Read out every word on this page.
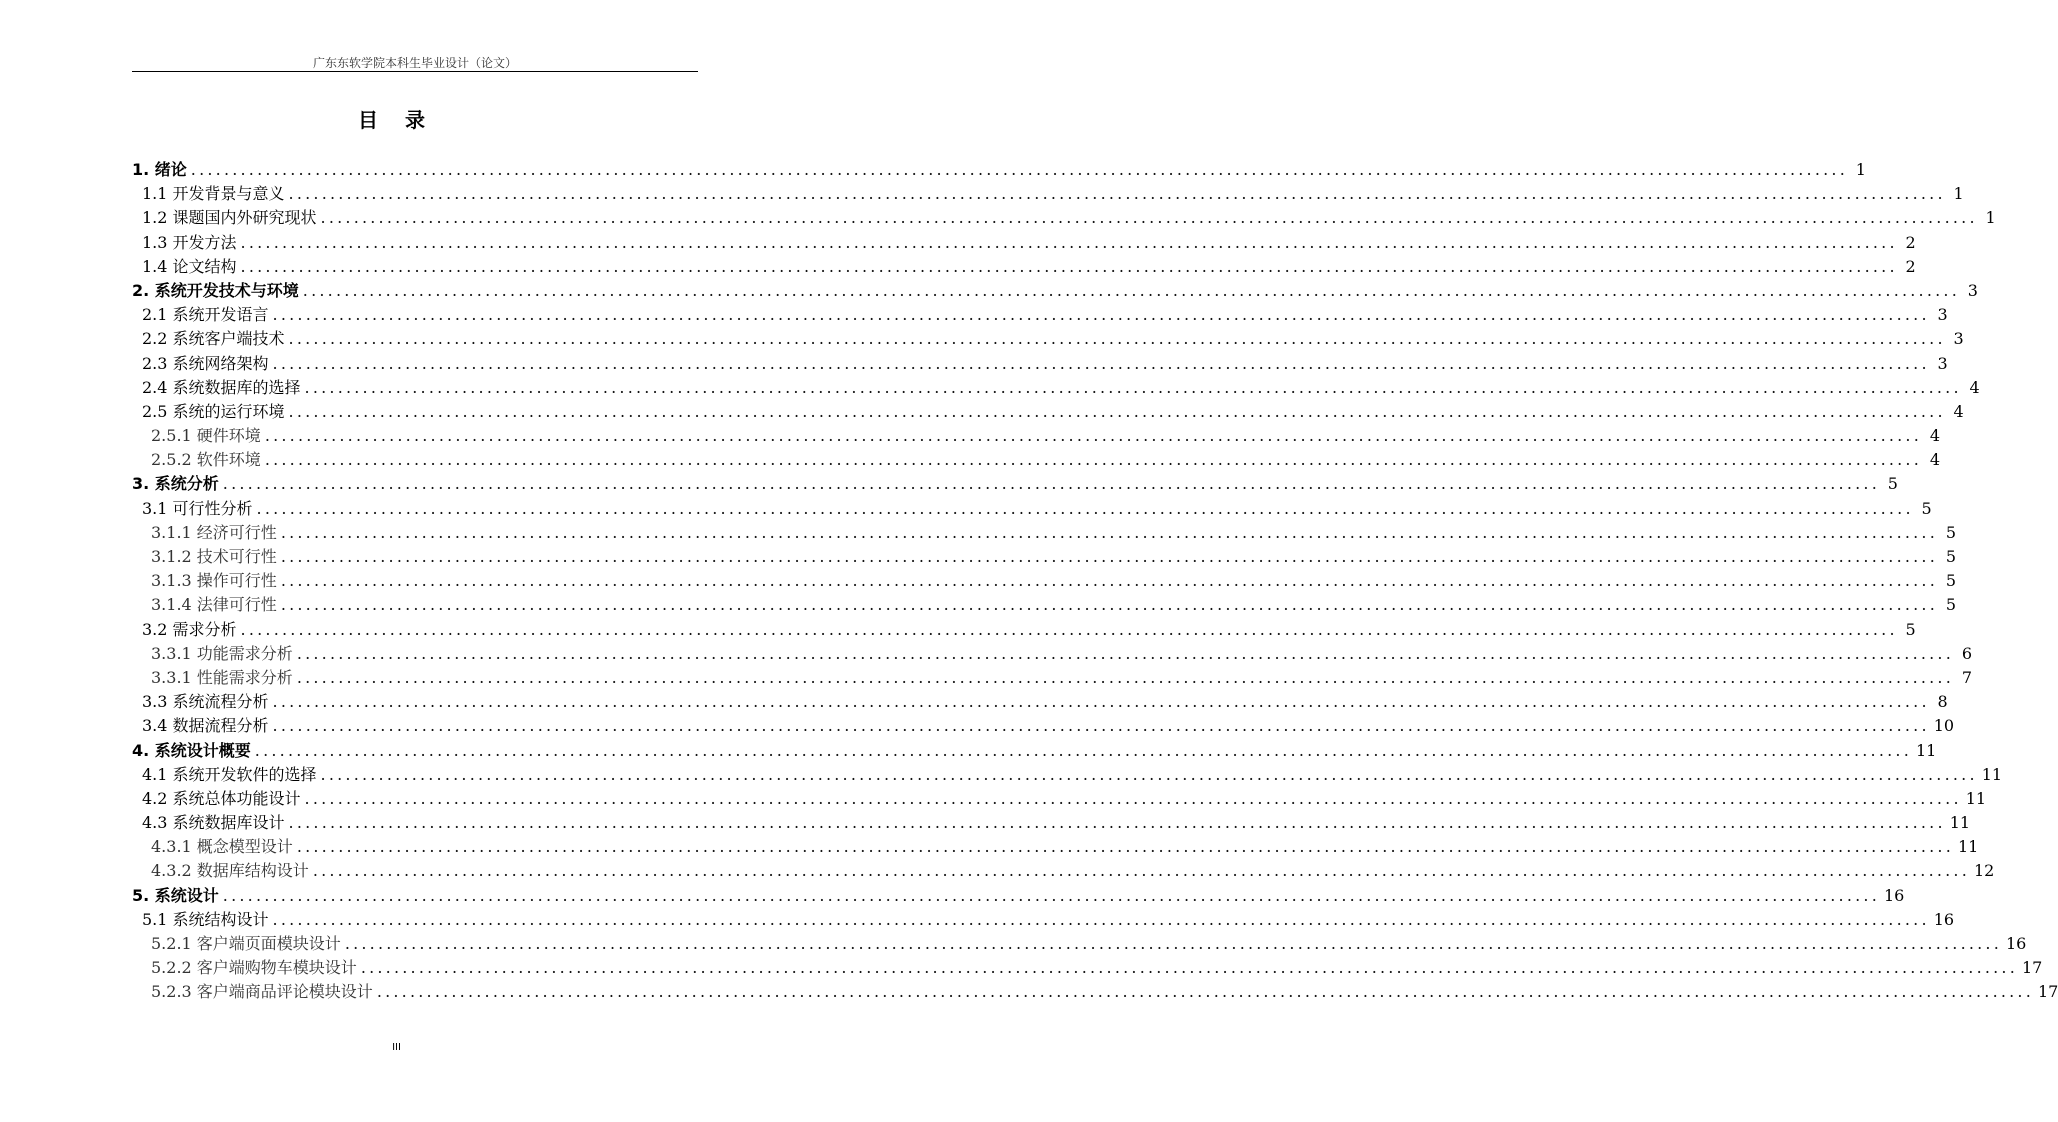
广东东软学院本科生毕业设计（论文）
目 录
1. 绪论 ........................................................................................................................................................................................................ 1
1.1 开发背景与意义 ........................................................................................................................................................................................................ 1
1.2 课题国内外研究现状 ........................................................................................................................................................................................................ 1
1.3 开发方法 ........................................................................................................................................................................................................ 2
1.4 论文结构 ........................................................................................................................................................................................................ 2
2. 系统开发技术与环境 ........................................................................................................................................................................................................ 3
2.1 系统开发语言 ........................................................................................................................................................................................................ 3
2.2 系统客户端技术 ........................................................................................................................................................................................................ 3
2.3 系统网络架构 ........................................................................................................................................................................................................ 3
2.4 系统数据库的选择 ........................................................................................................................................................................................................ 4
2.5 系统的运行环境 ........................................................................................................................................................................................................ 4
2.5.1 硬件环境 ........................................................................................................................................................................................................ 4
2.5.2 软件环境 ........................................................................................................................................................................................................ 4
3. 系统分析 ........................................................................................................................................................................................................ 5
3.1 可行性分析 ........................................................................................................................................................................................................ 5
3.1.1 经济可行性 ........................................................................................................................................................................................................ 5
3.1.2 技术可行性 ........................................................................................................................................................................................................ 5
3.1.3 操作可行性 ........................................................................................................................................................................................................ 5
3.1.4 法律可行性 ........................................................................................................................................................................................................ 5
3.2 需求分析 ........................................................................................................................................................................................................ 5
3.3.1 功能需求分析 ........................................................................................................................................................................................................ 6
3.3.1 性能需求分析 ........................................................................................................................................................................................................ 7
3.3 系统流程分析 ........................................................................................................................................................................................................ 8
3.4 数据流程分析 ........................................................................................................................................................................................................ 10
4. 系统设计概要 ........................................................................................................................................................................................................ 11
4.1 系统开发软件的选择 ........................................................................................................................................................................................................ 11
4.2 系统总体功能设计 ........................................................................................................................................................................................................ 11
4.3 系统数据库设计 ........................................................................................................................................................................................................ 11
4.3.1 概念模型设计 ........................................................................................................................................................................................................ 11
4.3.2 数据库结构设计 ........................................................................................................................................................................................................ 12
5. 系统设计 ........................................................................................................................................................................................................ 16
5.1 系统结构设计 ........................................................................................................................................................................................................ 16
5.2.1 客户端页面模块设计 ........................................................................................................................................................................................................ 16
5.2.2 客户端购物车模块设计 ........................................................................................................................................................................................................ 17
5.2.3 客户端商品评论模块设计 ........................................................................................................................................................................................................ 17
III
